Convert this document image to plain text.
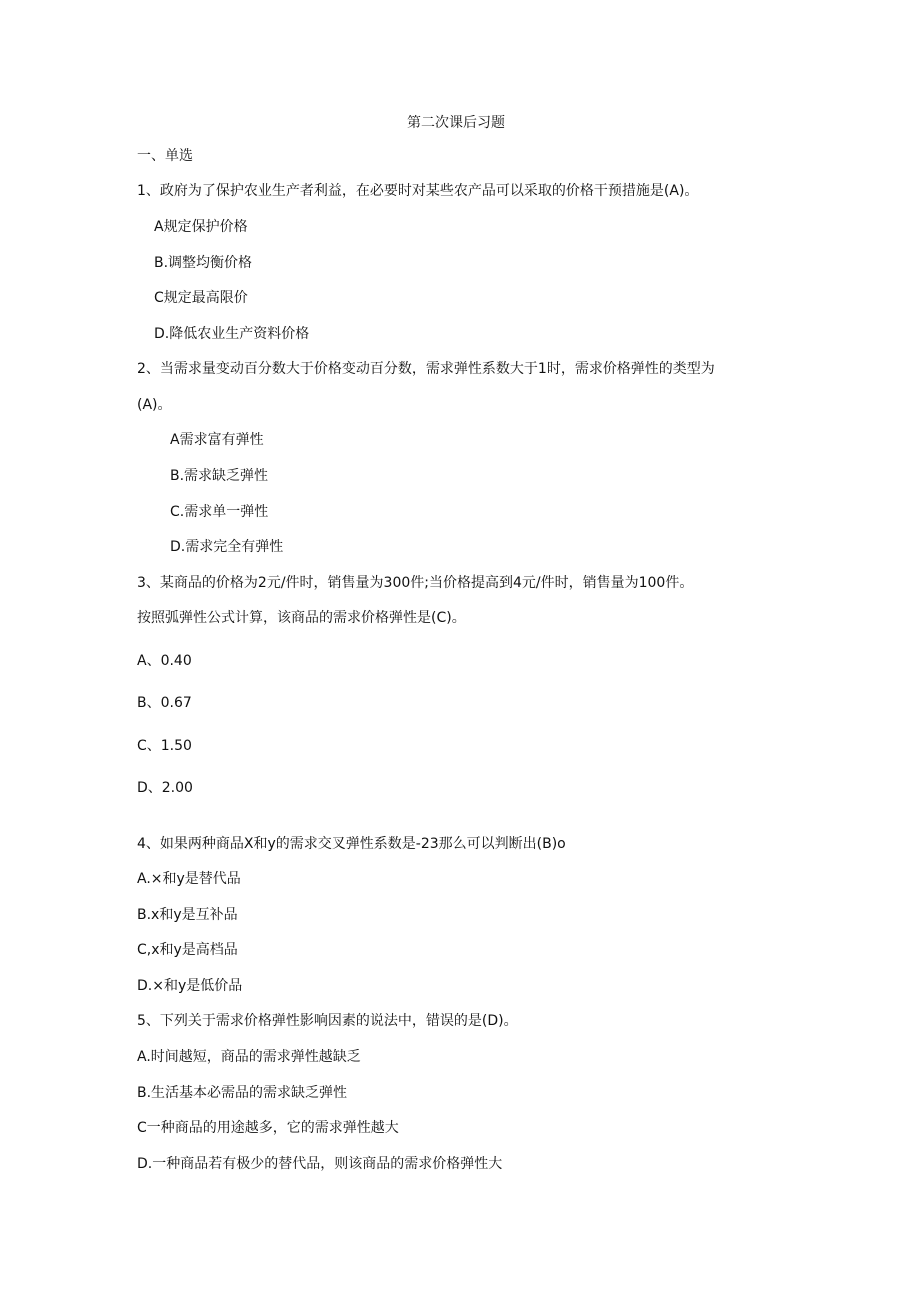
第二次课后习题
一、单选
1、政府为了保护农业生产者利益，在必要时对某些农产品可以采取的价格干预措施是(A)。
A规定保护价格
B.调整均衡价格
C规定最高限价
D.降低农业生产资料价格
2、当需求量变动百分数大于价格变动百分数，需求弹性系数大于1时，需求价格弹性的类型为
(A)。
A需求富有弹性
B.需求缺乏弹性
C.需求单一弹性
D.需求完全有弹性
3、某商品的价格为2元/件时，销售量为300件;当价格提高到4元/件时，销售量为100件。
按照弧弹性公式计算，该商品的需求价格弹性是(C)。
A、0.40
B、0.67
C、1.50
D、2.00
4、如果两种商品X和y的需求交叉弹性系数是-23那么可以判断出(B)o
A.×和y是替代品
B.x和y是互补品
C,x和y是高档品
D.×和y是低价品
5、下列关于需求价格弹性影响因素的说法中，错误的是(D)。
A.时间越短，商品的需求弹性越缺乏
B.生活基本必需品的需求缺乏弹性
C一种商品的用途越多，它的需求弹性越大
D.一种商品若有极少的替代品，则该商品的需求价格弹性大
